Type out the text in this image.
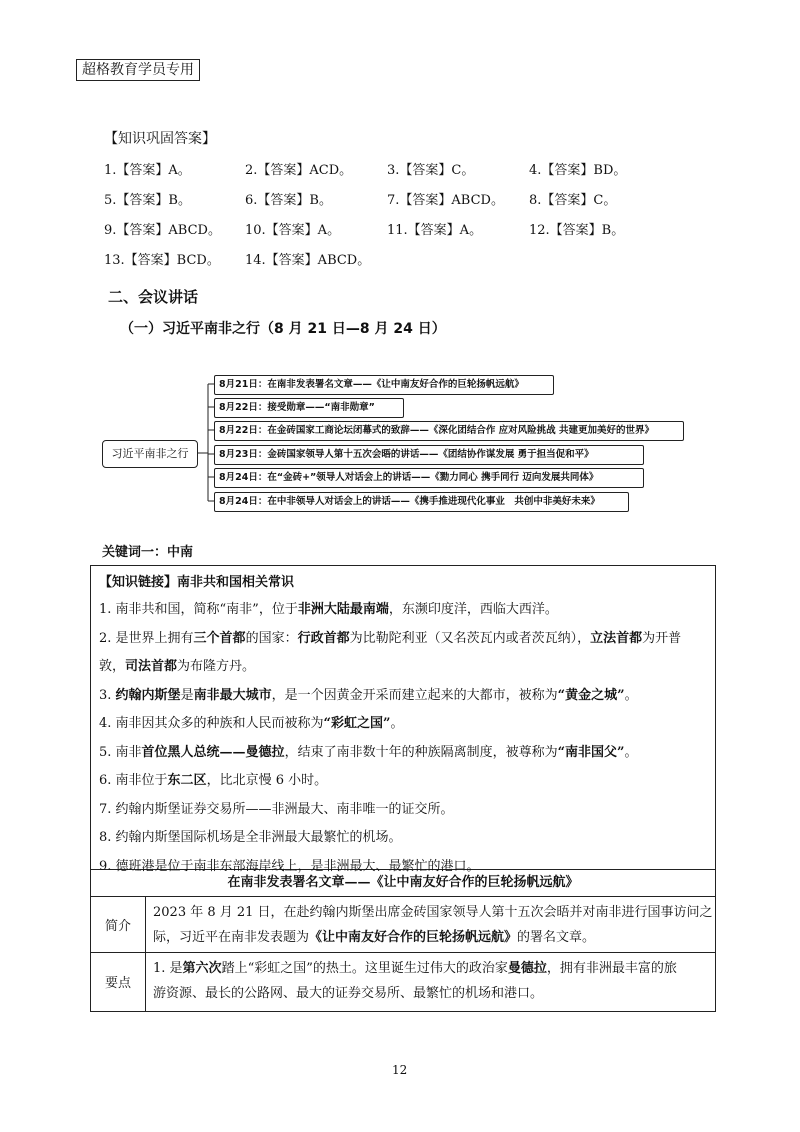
超格教育学员专用
【知识巩固答案】
1.【答案】A。	2.【答案】ACD。	3.【答案】C。	4.【答案】BD。
5.【答案】B。	6.【答案】B。	7.【答案】ABCD。 8.【答案】C。
9.【答案】ABCD。 10.【答案】A。	11.【答案】A。	12.【答案】B。
13.【答案】BCD。 14.【答案】ABCD。
二、会议讲话
（一）习近平南非之行（8 月 21 日—8 月 24 日）
习近平南非之行
8月21日：在南非发表署名文章——《让中南友好合作的巨轮扬帆远航》
8月22日：接受勋章——“南非勋章”
8月22日：在金砖国家工商论坛闭幕式的致辞——《深化团结合作 应对风险挑战 共建更加美好的世界》
8月23日：金砖国家领导人第十五次会晤的讲话——《团结协作谋发展 勇于担当促和平》
8月24日：在“金砖+”领导人对话会上的讲话——《勠力同心 携手同行 迈向发展共同体》
8月24日：在中非领导人对话会上的讲话——《携手推进现代化事业　共创中非美好未来》
关键词一：中南
【知识链接】南非共和国相关常识
1. 南非共和国，简称“南非”，位于非洲大陆最南端，东濒印度洋，西临大西洋。
2. 是世界上拥有三个首都的国家：行政首都为比勒陀利亚（又名茨瓦内或者茨瓦纳），立法首都为开普
敦，司法首都为布隆方丹。
3. 约翰内斯堡是南非最大城市，是一个因黄金开采而建立起来的大都市，被称为“黄金之城”。
4. 南非因其众多的种族和人民而被称为“彩虹之国”。
5. 南非首位黑人总统——曼德拉，结束了南非数十年的种族隔离制度，被尊称为“南非国父”。
6. 南非位于东二区，比北京慢 6 小时。
7. 约翰内斯堡证券交易所——非洲最大、南非唯一的证交所。
8. 约翰内斯堡国际机场是全非洲最大最繁忙的机场。
9. 德班港是位于南非东部海岸线上，是非洲最大、最繁忙的港口。
在南非发表署名文章——《让中南友好合作的巨轮扬帆远航》
简介
2023 年 8 月 21 日，在赴约翰内斯堡出席金砖国家领导人第十五次会晤并对南非进行国事访问之
际，习近平在南非发表题为《让中南友好合作的巨轮扬帆远航》的署名文章。
要点
1. 是第六次踏上“彩虹之国”的热土。这里诞生过伟大的政治家曼德拉，拥有非洲最丰富的旅
游资源、最长的公路网、最大的证券交易所、最繁忙的机场和港口。
12
